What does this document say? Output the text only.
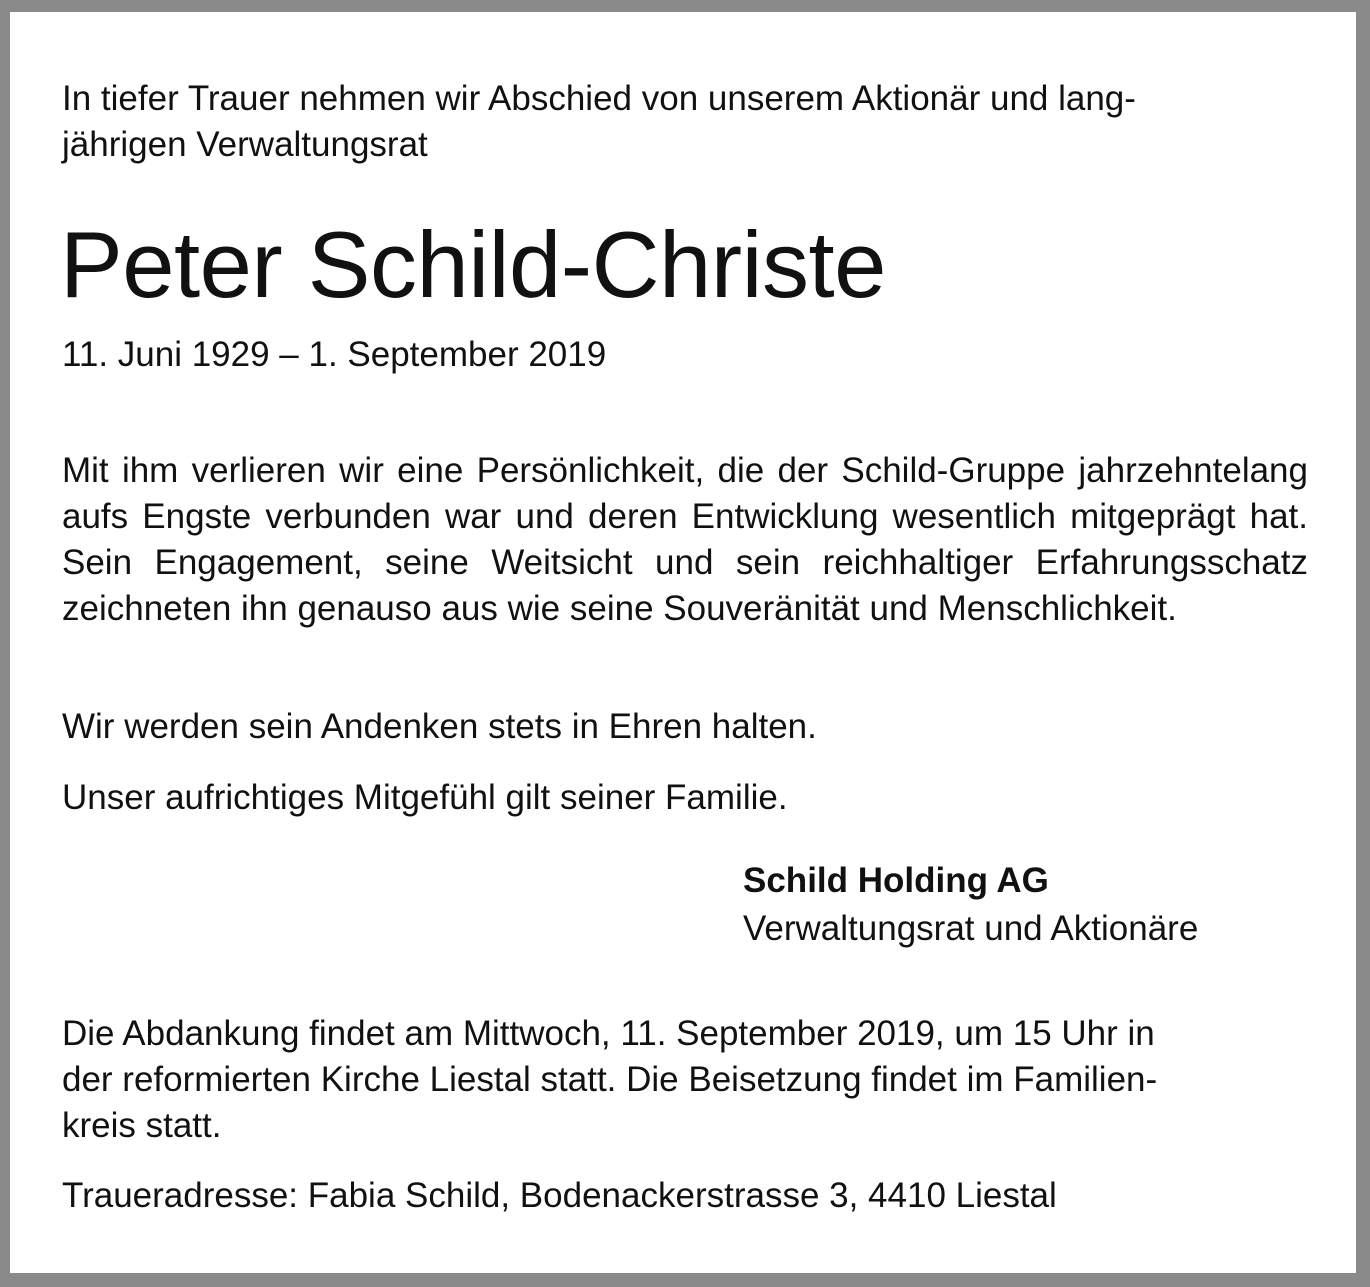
In tiefer Trauer nehmen wir Abschied von unserem Aktionär und lang-
jährigen Verwaltungsrat

Peter Schild-Christe

11. Juni 1929 – 1. September 2019

Mit ihm verlieren wir eine Persönlichkeit, die der Schild-Gruppe jahrzehntelang aufs Engste verbunden war und deren Entwicklung wesentlich mitgeprägt hat. Sein Engagement, seine Weitsicht und sein reichhaltiger Erfahrungsschatz zeichneten ihn genauso aus wie seine Souveränität und Menschlichkeit.

Wir werden sein Andenken stets in Ehren halten.

Unser aufrichtiges Mitgefühl gilt seiner Familie.

Schild Holding AG
Verwaltungsrat und Aktionäre

Die Abdankung findet am Mittwoch, 11. September 2019, um 15 Uhr in
der reformierten Kirche Liestal statt. Die Beisetzung findet im Familien-
kreis statt.

Traueradresse: Fabia Schild, Bodenackerstrasse 3, 4410 Liestal
